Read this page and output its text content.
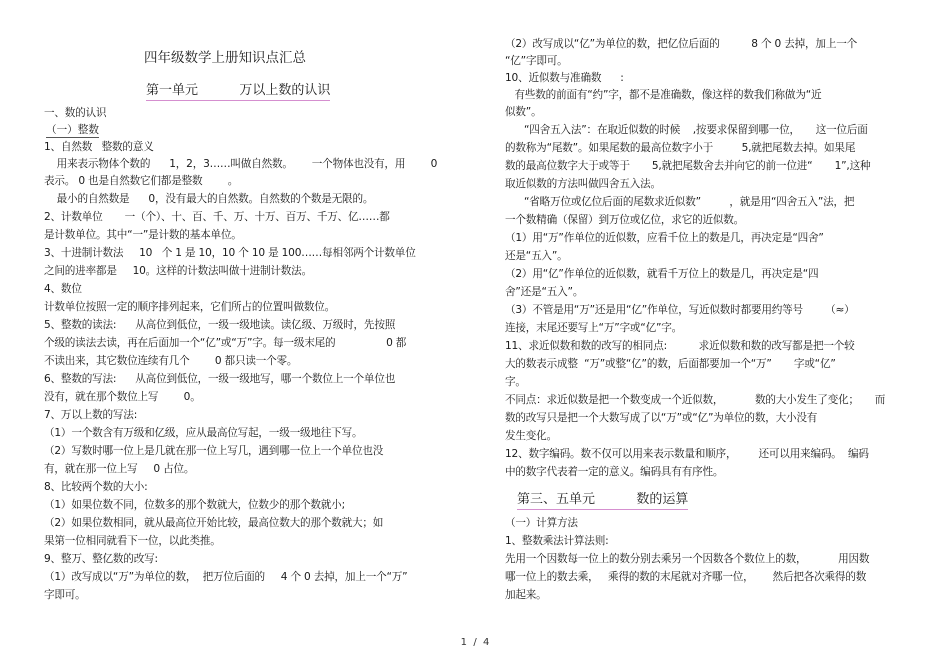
四年级数学上册知识点汇总
第一单元          万以上数的认识
一、数的认识
（一）整数
1、自然数   整数的意义
用来表示物体个数的      1，2，3……叫做自然数。      一个物体也没有，用        0
表示。 0 也是自然数它们都是整数        。
最小的自然数是      0，没有最大的自然数。自然数的个数是无限的。
2、计数单位       一（个）、十、百、千、万、十万、百万、千万、亿……都
是计数单位。其中“一”是计数的基本单位。
3、十进制计数法     10   个 1 是 10，10 个 10 是 100……每相邻两个计数单位
之间的进率都是     10。这样的计数法叫做十进制计数法。
4、数位
计数单位按照一定的顺序排列起来，它们所占的位置叫做数位。
5、整数的读法:      从高位到低位，一级一级地读。读亿级、万级时，先按照
个级的读法去读，再在后面加一个“亿”或“万”字。每一级末尾的                0 都
不读出来，其它数位连续有几个        0 都只读一个零。
6、整数的写法:      从高位到低位，一级一级地写，哪一个数位上一个单位也
没有，就在那个数位上写        0。
7、万以上数的写法:
（1）一个数含有万级和亿级，应从最高位写起，一级一级地往下写。
（2）写数时哪一位上是几就在那一位上写几，遇到哪一位上一个单位也没
有，就在那一位上写     0 占位。
8、比较两个数的大小:
（1）如果位数不同，位数多的那个数就大，位数少的那个数就小;
（2）如果位数相同，就从最高位开始比较，最高位数大的那个数就大；如
果第一位相同就看下一位，以此类推。
9、整万、整亿数的改写:
（1）改写成以“万”为单位的数，  把万位后面的     4 个 0 去掉，加上一个“万”
字即可。
（2）改写成以“亿”为单位的数，把亿位后面的          8 个 0 去掉，加上一个
“亿”字即可。
10、近似数与准确数      :
有些数的前面有“约”字，都不是准确数，像这样的数我们称做为“近
似数”。
“四舍五入法”：在取近似数的时候    ,按要求保留到哪一位，     这一位后面
的数称为“尾数”。如果尾数的最高位数字小于         5,就把尾数去掉。如果尾
数的最高位数字大于或等于       5,就把尾数舍去并向它的前一位进“       1”,这种
取近似数的方法叫做四舍五入法。
“省略万位或亿位后面的尾数求近似数”         ，就是用“四舍五入”法，把
一个数精确（保留）到万位或亿位，求它的近似数。
（1）用“万”作单位的近似数，应看千位上的数是几，再决定是“四舍”
还是“五入”。
（2）用“亿”作单位的近似数，就看千万位上的数是几，再决定是“四
舍”还是“五入”。
（3）不管是用“万”还是用“亿”作单位，写近似数时都要用约等号       （≈）
连接，末尾还要写上“万”字或“亿”字。
11、求近似数和数的改写的相同点:          求近似数和数的改写都是把一个较
大的数表示成整  “万”或整“亿”的数，后面都要加一个“万”       字或“亿”
字。
不同点：求近似数是把一个数变成一个近似数，          数的大小发生了变化；     而
数的改写只是把一个大数写成了以“万”或“亿”为单位的数，大小没有
发生变化。
12、数字编码。数不仅可以用来表示数量和顺序，       还可以用来编码。  编码
中的数字代表着一定的意义。编码具有有序性。
第三、五单元          数的运算
（一）计算方法
1、整数乘法计算法则:
先用一个因数每一位上的数分别去乘另一个因数各个数位上的数，          用因数
哪一位上的数去乘，   乘得的数的末尾就对齐哪一位，      然后把各次乘得的数
加起来。
1  /  4
